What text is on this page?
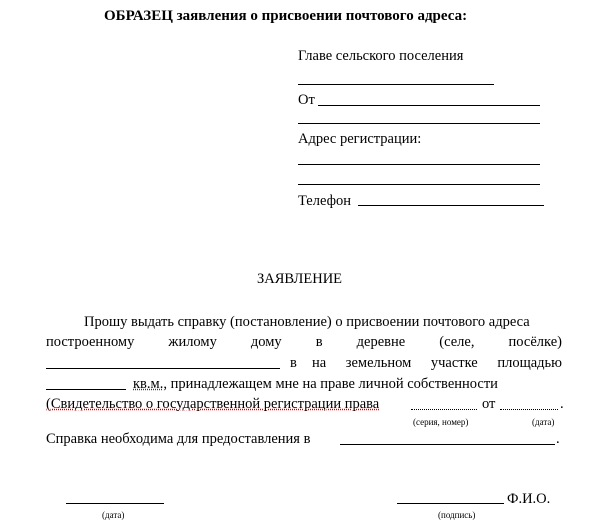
ОБРАЗЕЦ заявления о присвоении почтового адреса:
Главе сельского поселения
От
Адрес регистрации:
Телефон
ЗАЯВЛЕНИЕ
Прошу выдать справку (постановление) о присвоении почтового адреса
построенному жилому дому в деревне (селе, посёлке)
в на земельном участке площадью
кв.м., принадлежащем мне на праве личной собственности
(Свидетельство о государственной регистрации права	от	.
(серия, номер)	(дата)
Справка необходима для предоставления в	.
(дата)
Ф.И.О.
(подпись)
